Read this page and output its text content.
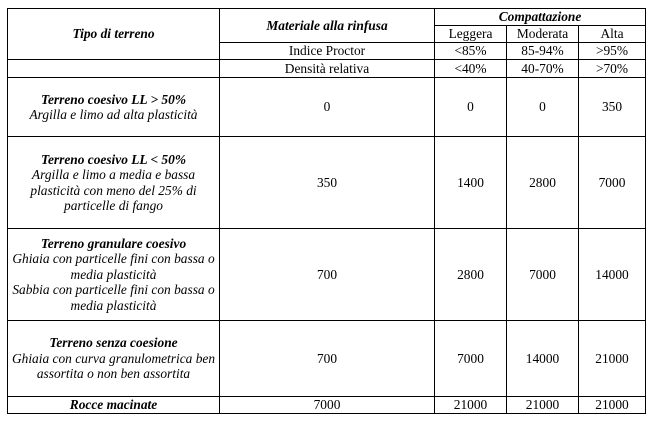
Tipo di terreno	Materiale alla rinfusa	Compattazione		
		Leggera	Moderata	Alta
	Indice Proctor	<85%	85-94%	>95%
	Densità relativa	<40%	40-70%	>70%

Terreno coesivo LL > 50%
Argilla e limo ad alta plasticità	0	0	0	350

Terreno coesivo LL < 50%
Argilla e limo a media e bassa plasticità con meno del 25% di particelle di fango	350	1400	2800	7000

Terreno granulare coesivo
Ghiaia con particelle fini con bassa o media plasticità
Sabbia con particelle fini con bassa o media plasticità	700	2800	7000	14000

Terreno senza coesione
Ghiaia con curva granulometrica ben assortita o non ben assortita	700	7000	14000	21000

Rocce macinate	7000	21000	21000	21000
